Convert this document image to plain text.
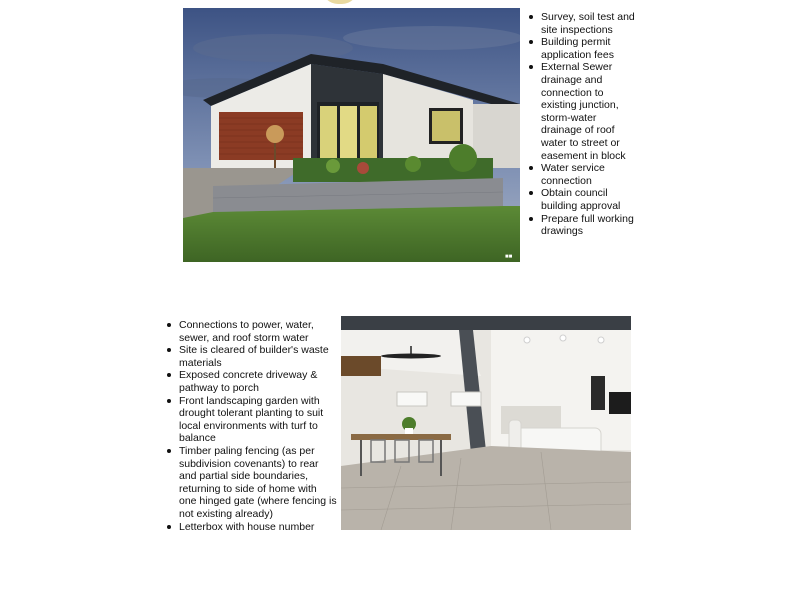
■■
Survey, soil test and site inspections
Building permit application fees
External Sewer drainage and connection to existing junction, storm-water drainage of roof water to street or easement in block
Water service connection
Obtain council building approval
Prepare full working drawings
Connections to power, water, sewer, and roof storm water
Site is cleared of builder's waste materials
Exposed concrete driveway & pathway to porch
Front landscaping garden with drought tolerant planting to suit local environments with turf to balance
Timber paling fencing (as per subdivision covenants) to rear and partial side boundaries, returning to side of home with one hinged gate (where fencing is not existing already)
Letterbox with house number
